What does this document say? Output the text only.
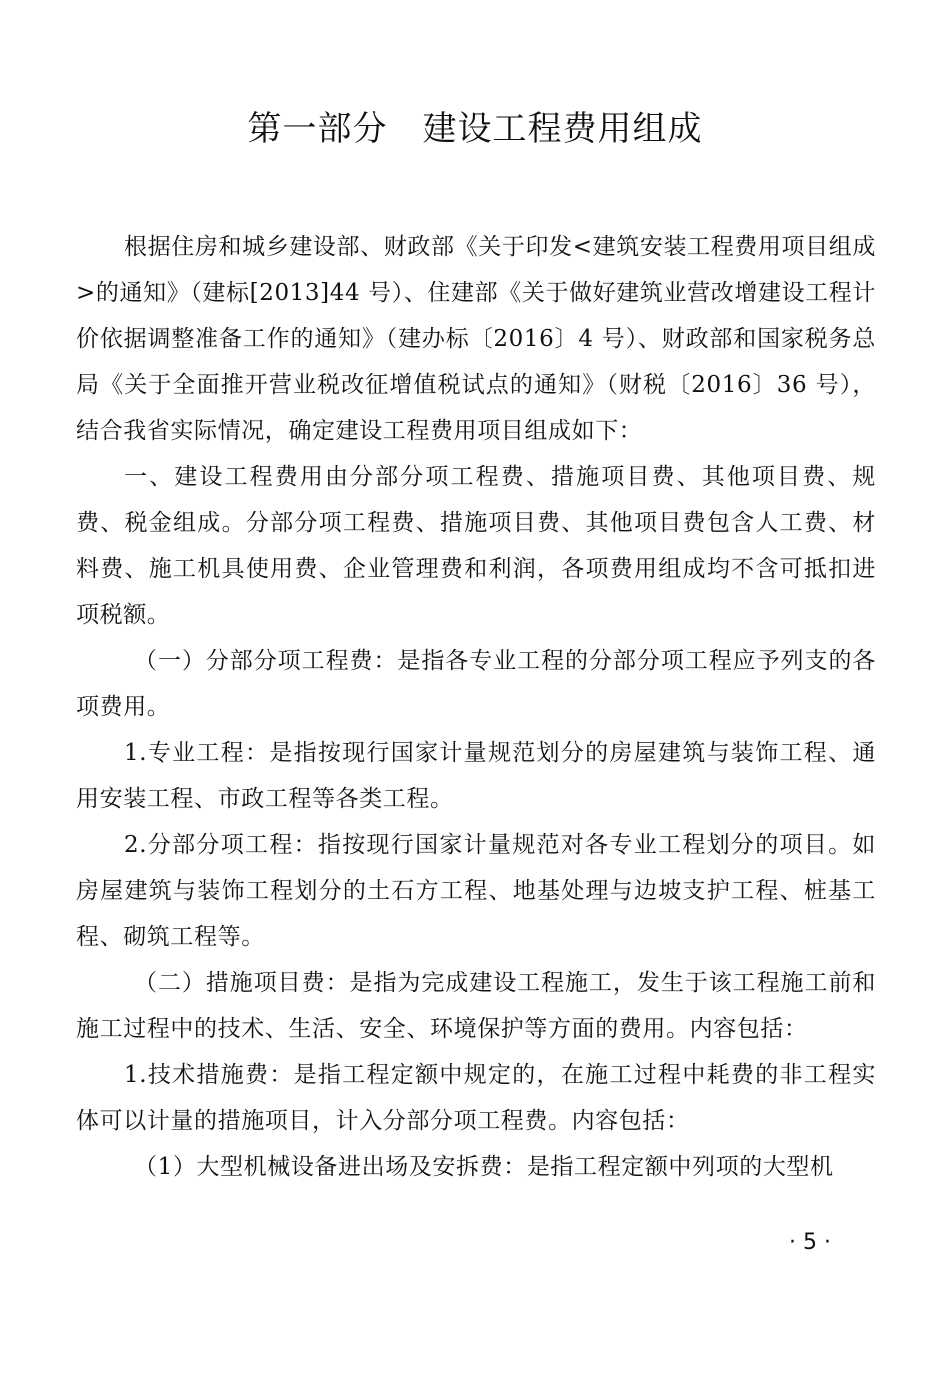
第一部分　建设工程费用组成

根据住房和城乡建设部、财政部《关于印发<建筑安装工程费用项目组成>的通知》（建标[2013]44 号）、住建部《关于做好建筑业营改增建设工程计价依据调整准备工作的通知》（建办标〔2016〕4 号）、财政部和国家税务总局《关于全面推开营业税改征增值税试点的通知》（财税〔2016〕36 号），结合我省实际情况，确定建设工程费用项目组成如下：

一、建设工程费用由分部分项工程费、措施项目费、其他项目费、规费、税金组成。分部分项工程费、措施项目费、其他项目费包含人工费、材料费、施工机具使用费、企业管理费和利润，各项费用组成均不含可抵扣进项税额。

（一）分部分项工程费：是指各专业工程的分部分项工程应予列支的各项费用。

1.专业工程：是指按现行国家计量规范划分的房屋建筑与装饰工程、通用安装工程、市政工程等各类工程。

2.分部分项工程：指按现行国家计量规范对各专业工程划分的项目。如房屋建筑与装饰工程划分的土石方工程、地基处理与边坡支护工程、桩基工程、砌筑工程等。

（二）措施项目费：是指为完成建设工程施工，发生于该工程施工前和施工过程中的技术、生活、安全、环境保护等方面的费用。内容包括：

1.技术措施费：是指工程定额中规定的，在施工过程中耗费的非工程实体可以计量的措施项目，计入分部分项工程费。内容包括：

（1）大型机械设备进出场及安拆费：是指工程定额中列项的大型机

· 5 ·
